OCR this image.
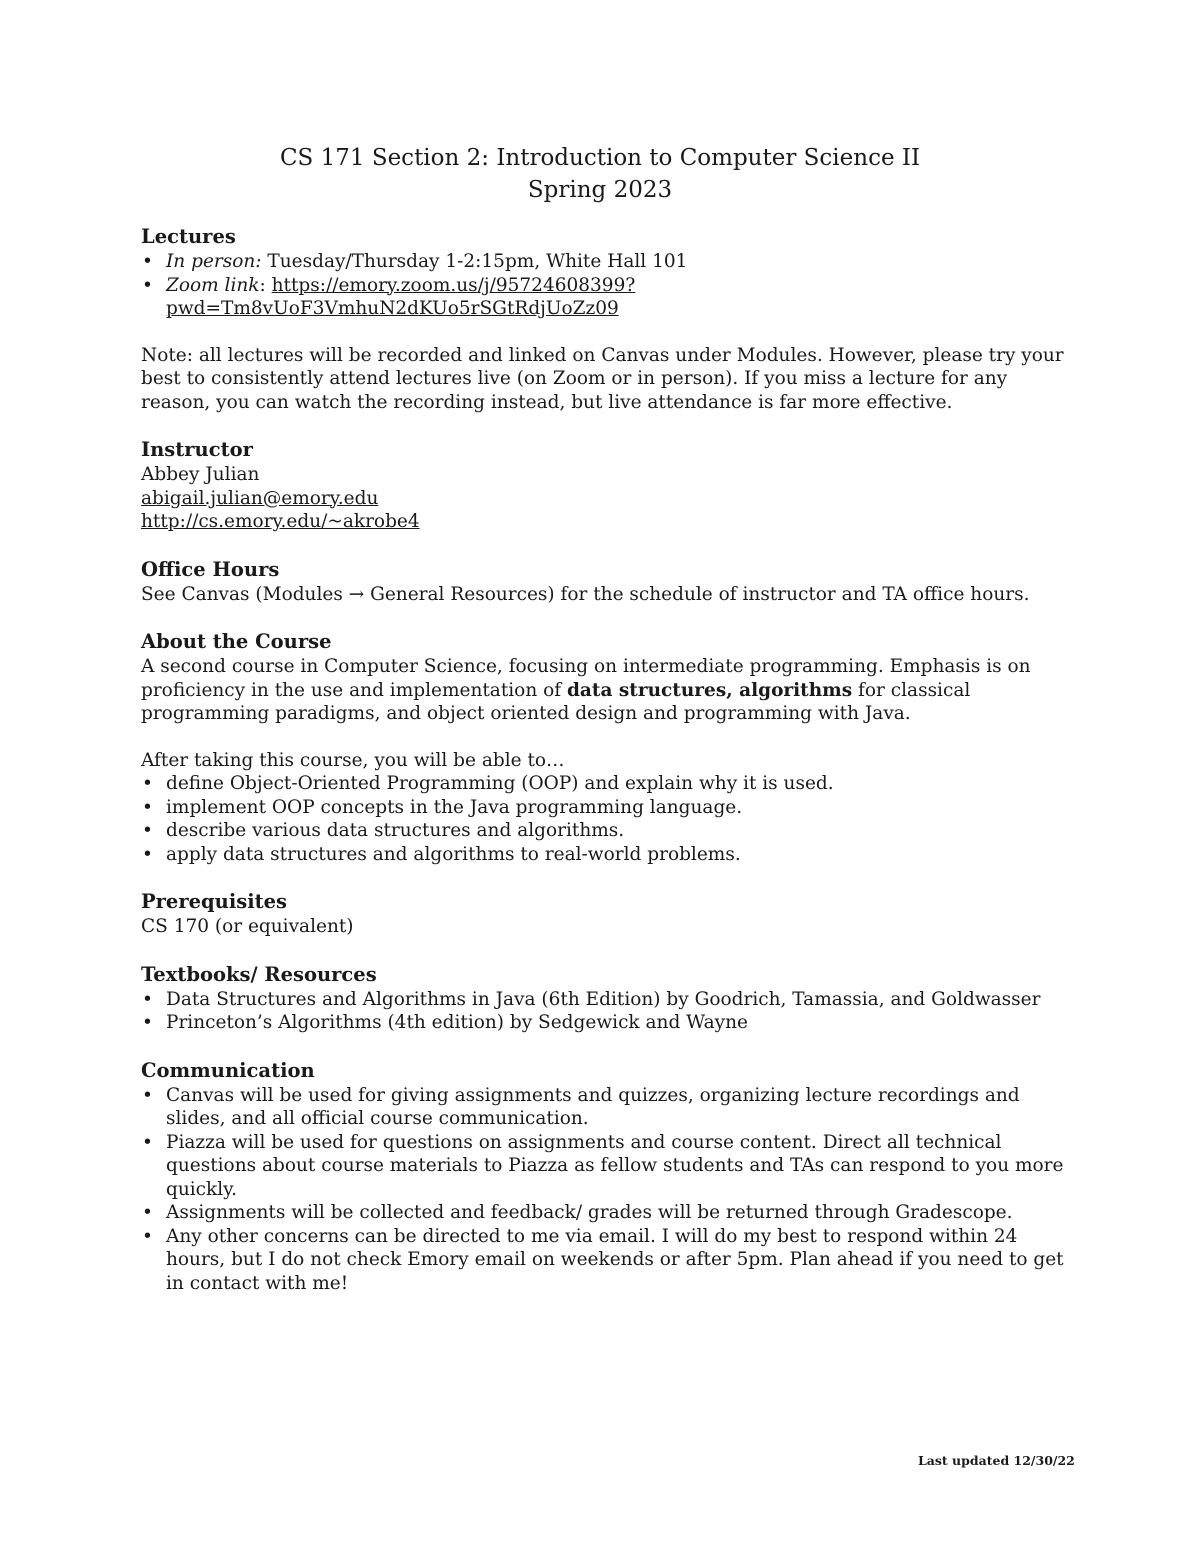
CS 171 Section 2: Introduction to Computer Science II
Spring 2023
Lectures
• In person: Tuesday/Thursday 1-2:15pm, White Hall 101
• Zoom link: https://emory.zoom.us/j/95724608399?
pwd=Tm8vUoF3VmhuN2dKUo5rSGtRdjUoZz09

Note: all lectures will be recorded and linked on Canvas under Modules. However, please try your best to consistently attend lectures live (on Zoom or in person). If you miss a lecture for any reason, you can watch the recording instead, but live attendance is far more effective.

Instructor

Abbey Julian

abigail.julian@emory.edu

http://cs.emory.edu/~akrobe4

Office Hours

See Canvas (Modules → General Resources) for the schedule of instructor and TA office hours.

About the Course

A second course in Computer Science, focusing on intermediate programming. Emphasis is on proficiency in the use and implementation of data structures, algorithms for classical programming paradigms, and object oriented design and programming with Java.

After taking this course, you will be able to…

• define Object-Oriented Programming (OOP) and explain why it is used.
• implement OOP concepts in the Java programming language.
• describe various data structures and algorithms.
• apply data structures and algorithms to real-world problems.
Prerequisites

CS 170 (or equivalent)

Textbooks/ Resources
• Data Structures and Algorithms in Java (6th Edition) by Goodrich, Tamassia, and Goldwasser
• Princeton’s Algorithms (4th edition) by Sedgewick and Wayne
Communication
• Canvas will be used for giving assignments and quizzes, organizing lecture recordings and slides, and all official course communication.
• Piazza will be used for questions on assignments and course content. Direct all technical questions about course materials to Piazza as fellow students and TAs can respond to you more quickly.
• Assignments will be collected and feedback/ grades will be returned through Gradescope.
• Any other concerns can be directed to me via email. I will do my best to respond within 24 hours, but I do not check Emory email on weekends or after 5pm. Plan ahead if you need to get in contact with me!
Last updated 12/30/22
